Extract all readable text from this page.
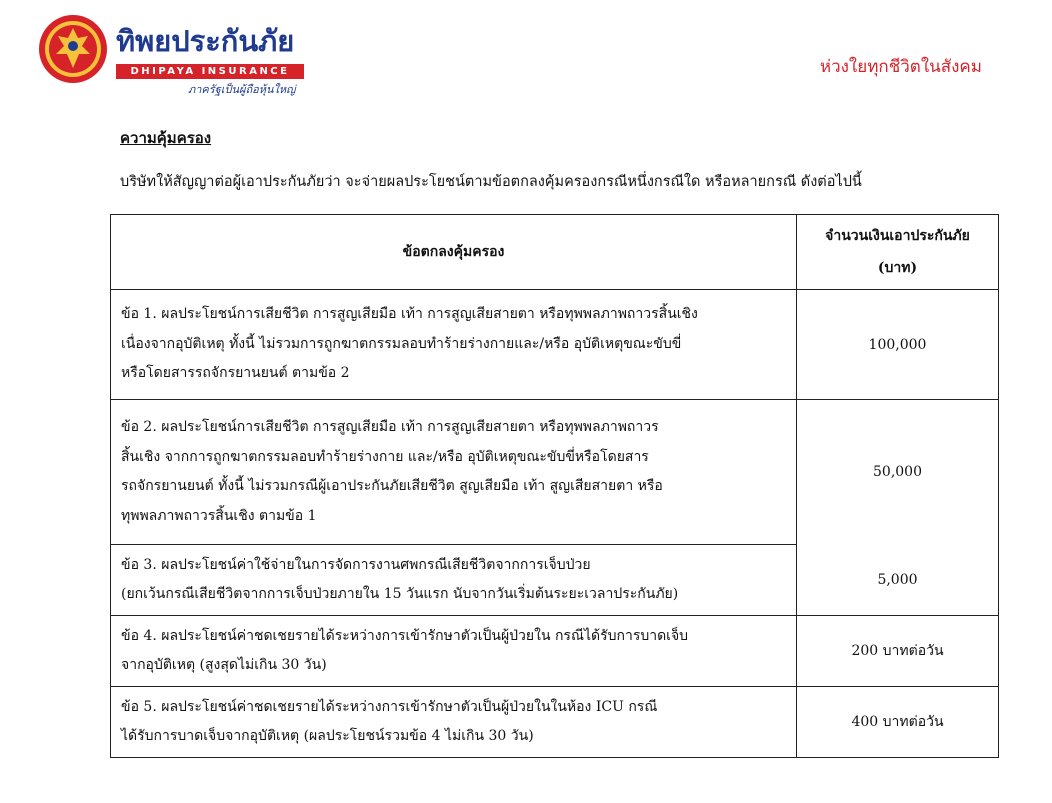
ทิพยประกันภัย
DHIPAYA INSURANCE
ภาครัฐเป็นผู้ถือหุ้นใหญ่
ห่วงใยทุกชีวิตในสังคม
ความคุ้มครอง
บริษัทให้สัญญาต่อผู้เอาประกันภัยว่า จะจ่ายผลประโยชน์ตามข้อตกลงคุ้มครองกรณีหนึ่งกรณีใด หรือหลายกรณี ดังต่อไปนี้
ข้อตกลงคุ้มครอง	จำนวนเงินเอาประกันภัย
(บาท)

ข้อ 1. ผลประโยชน์การเสียชีวิต การสูญเสียมือ เท้า การสูญเสียสายตา หรือทุพพลภาพถาวรสิ้นเชิง
เนื่องจากอุบัติเหตุ ทั้งนี้ ไม่รวมการถูกฆาตกรรมลอบทำร้ายร่างกายและ/หรือ อุบัติเหตุขณะขับขี่
หรือโดยสารรถจักรยานยนต์ ตามข้อ 2	100,000

ข้อ 2. ผลประโยชน์การเสียชีวิต การสูญเสียมือ เท้า การสูญเสียสายตา หรือทุพพลภาพถาวร
สิ้นเชิง จากการถูกฆาตกรรมลอบทำร้ายร่างกาย และ/หรือ อุบัติเหตุขณะขับขี่หรือโดยสาร
รถจักรยานยนต์ ทั้งนี้ ไม่รวมกรณีผู้เอาประกันภัยเสียชีวิต สูญเสียมือ เท้า สูญเสียสายตา หรือ
ทุพพลภาพถาวรสิ้นเชิง ตามข้อ 1	50,000

ข้อ 3. ผลประโยชน์ค่าใช้จ่ายในการจัดการงานศพกรณีเสียชีวิตจากการเจ็บป่วย
(ยกเว้นกรณีเสียชีวิตจากการเจ็บป่วยภายใน 15 วันแรก นับจากวันเริ่มต้นระยะเวลาประกันภัย)	5,000

ข้อ 4. ผลประโยชน์ค่าชดเชยรายได้ระหว่างการเข้ารักษาตัวเป็นผู้ป่วยใน กรณีได้รับการบาดเจ็บ
จากอุบัติเหตุ (สูงสุดไม่เกิน 30 วัน)	200 บาทต่อวัน

ข้อ 5. ผลประโยชน์ค่าชดเชยรายได้ระหว่างการเข้ารักษาตัวเป็นผู้ป่วยในในห้อง ICU กรณี
ได้รับการบาดเจ็บจากอุบัติเหตุ (ผลประโยชน์รวมข้อ 4 ไม่เกิน 30 วัน)	400 บาทต่อวัน
